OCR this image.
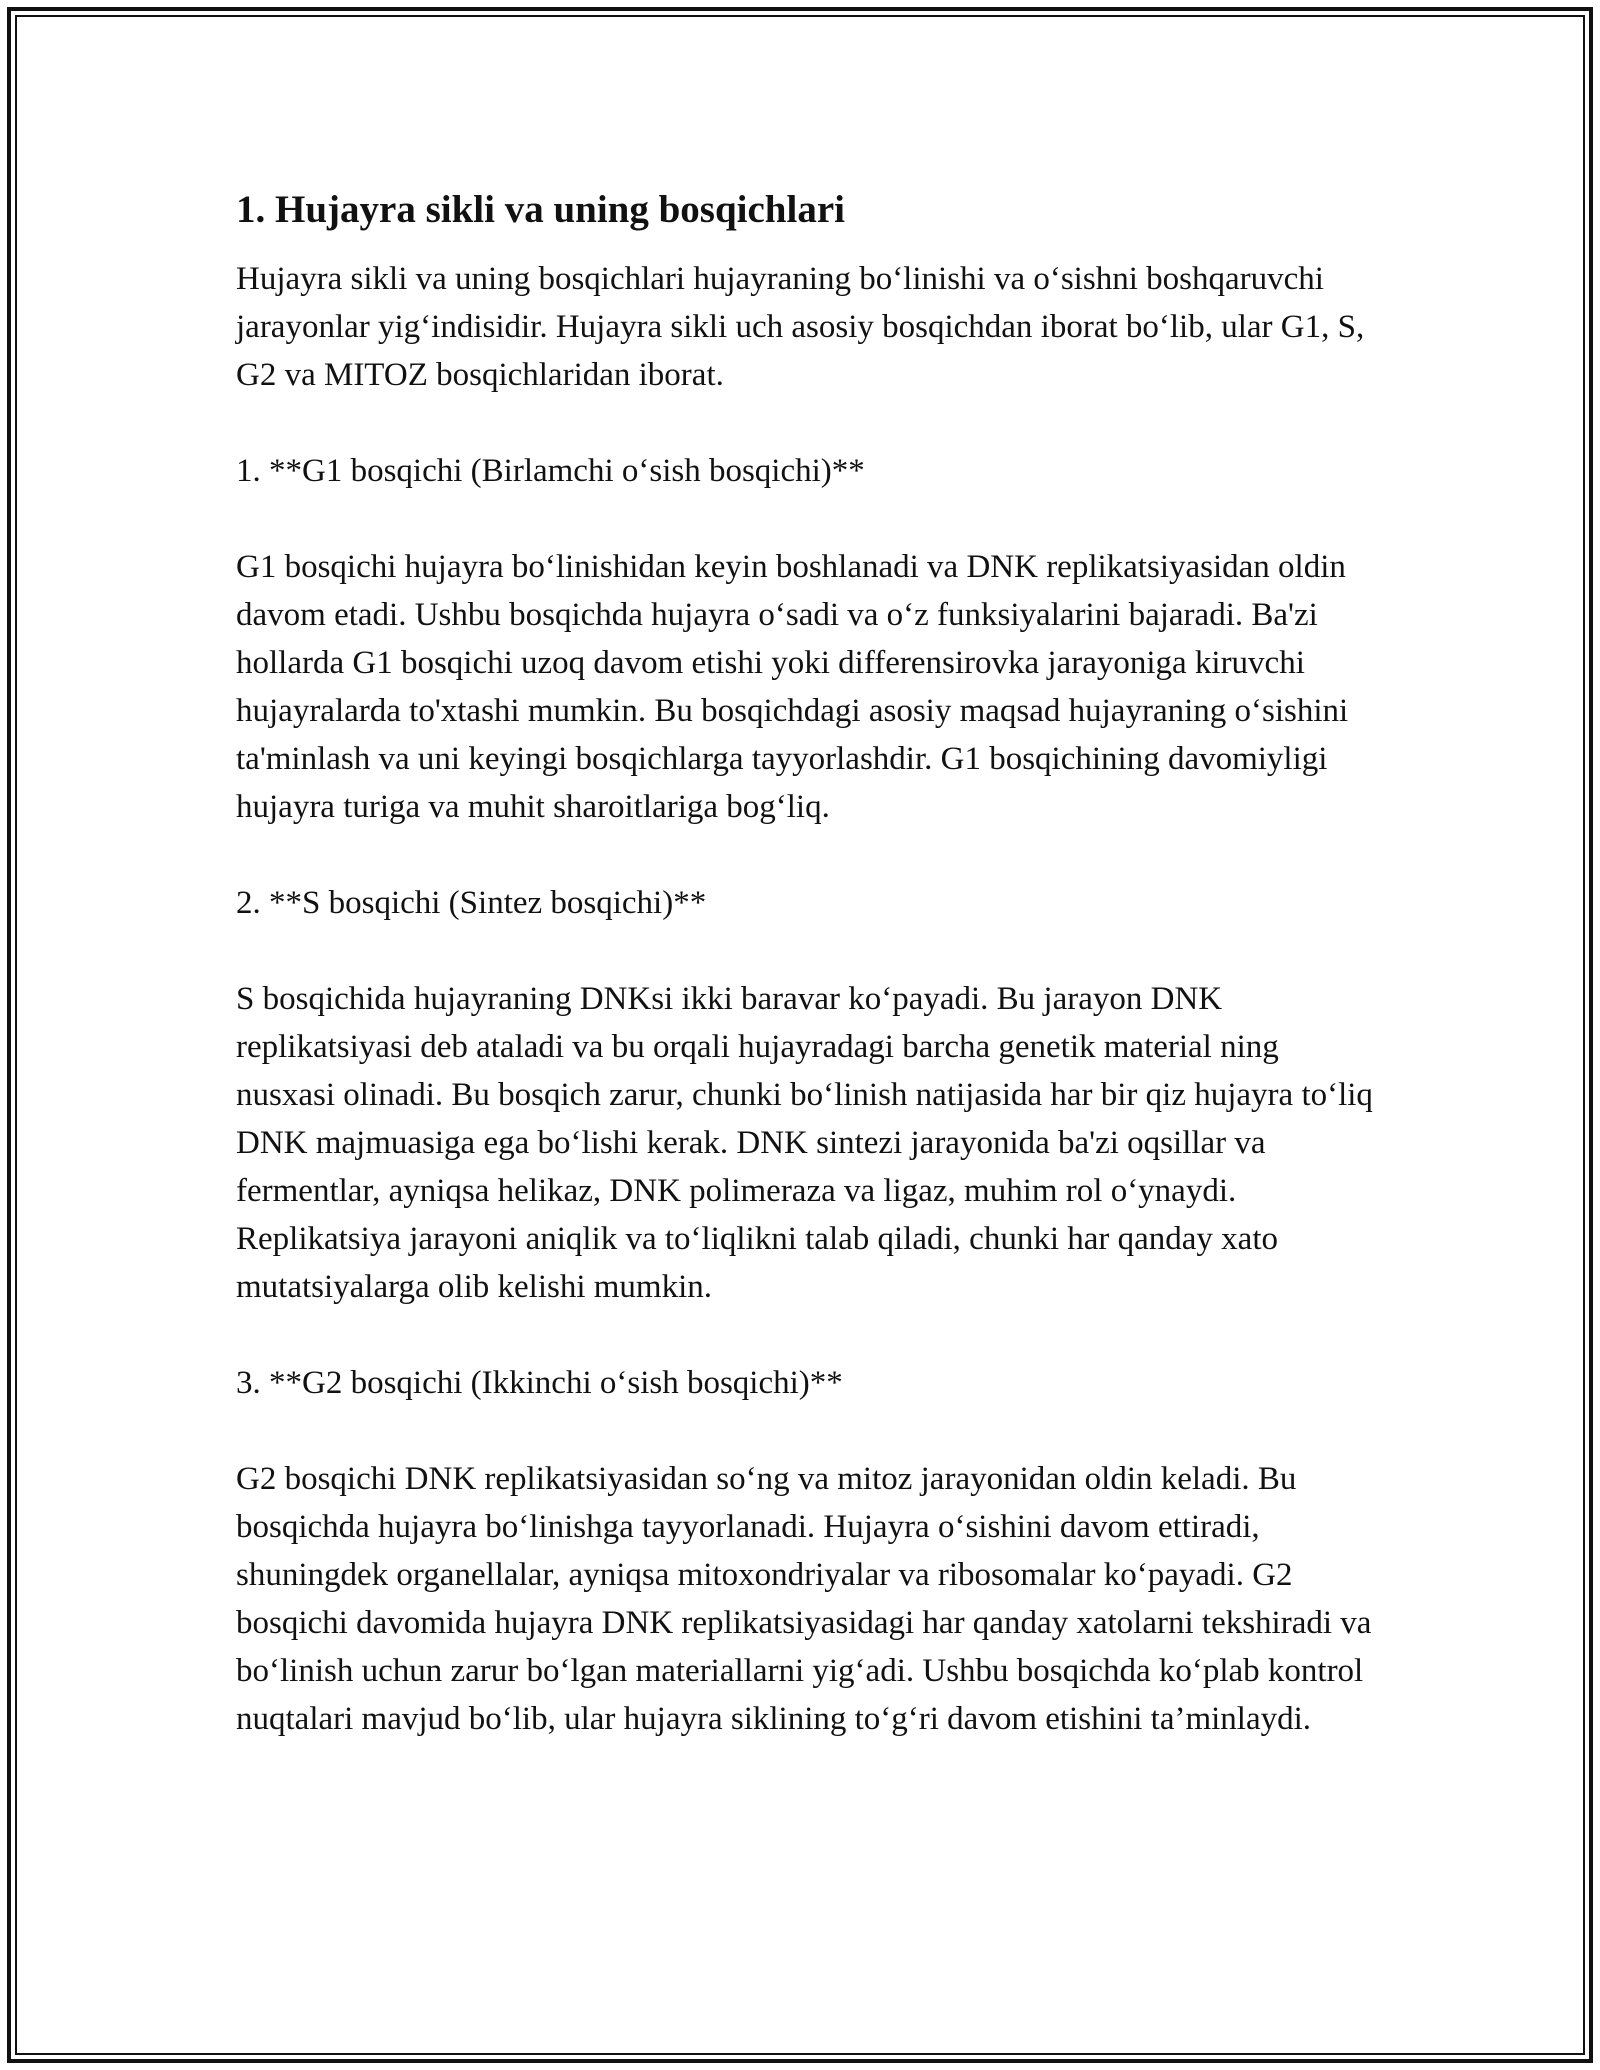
1. Hujayra sikli va uning bosqichlari

Hujayra sikli va uning bosqichlari hujayraning bo‘linishi va o‘sishni boshqaruvchi jarayonlar yig‘indisidir. Hujayra sikli uch asosiy bosqichdan iborat bo‘lib, ular G1, S, G2 va MITOZ bosqichlaridan iborat.

1. **G1 bosqichi (Birlamchi o‘sish bosqichi)**

G1 bosqichi hujayra bo‘linishidan keyin boshlanadi va DNK replikatsiyasidan oldin davom etadi. Ushbu bosqichda hujayra o‘sadi va o‘z funksiyalarini bajaradi. Ba'zi hollarda G1 bosqichi uzoq davom etishi yoki differensirovka jarayoniga kiruvchi hujayralarda to'xtashi mumkin. Bu bosqichdagi asosiy maqsad hujayraning o‘sishini ta'minlash va uni keyingi bosqichlarga tayyorlashdir. G1 bosqichining davomiyligi hujayra turiga va muhit sharoitlariga bog‘liq.

2. **S bosqichi (Sintez bosqichi)**

S bosqichida hujayraning DNKsi ikki baravar ko‘payadi. Bu jarayon DNK replikatsiyasi deb ataladi va bu orqali hujayradagi barcha genetik material ning nusxasi olinadi. Bu bosqich zarur, chunki bo‘linish natijasida har bir qiz hujayra to‘liq DNK majmuasiga ega bo‘lishi kerak. DNK sintezi jarayonida ba'zi oqsillar va fermentlar, ayniqsa helikaz, DNK polimeraza va ligaz, muhim rol o‘ynaydi. Replikatsiya jarayoni aniqlik va to‘liqlikni talab qiladi, chunki har qanday xato mutatsiyalarga olib kelishi mumkin.

3. **G2 bosqichi (Ikkinchi o‘sish bosqichi)**

G2 bosqichi DNK replikatsiyasidan so‘ng va mitoz jarayonidan oldin keladi. Bu bosqichda hujayra bo‘linishga tayyorlanadi. Hujayra o‘sishini davom ettiradi, shuningdek organellalar, ayniqsa mitoxondriyalar va ribosomalar ko‘payadi. G2 bosqichi davomida hujayra DNK replikatsiyasidagi har qanday xatolarni tekshiradi va bo‘linish uchun zarur bo‘lgan materiallarni yig‘adi. Ushbu bosqichda ko‘plab kontrol nuqtalari mavjud bo‘lib, ular hujayra siklining to‘g‘ri davom etishini ta’minlaydi.
